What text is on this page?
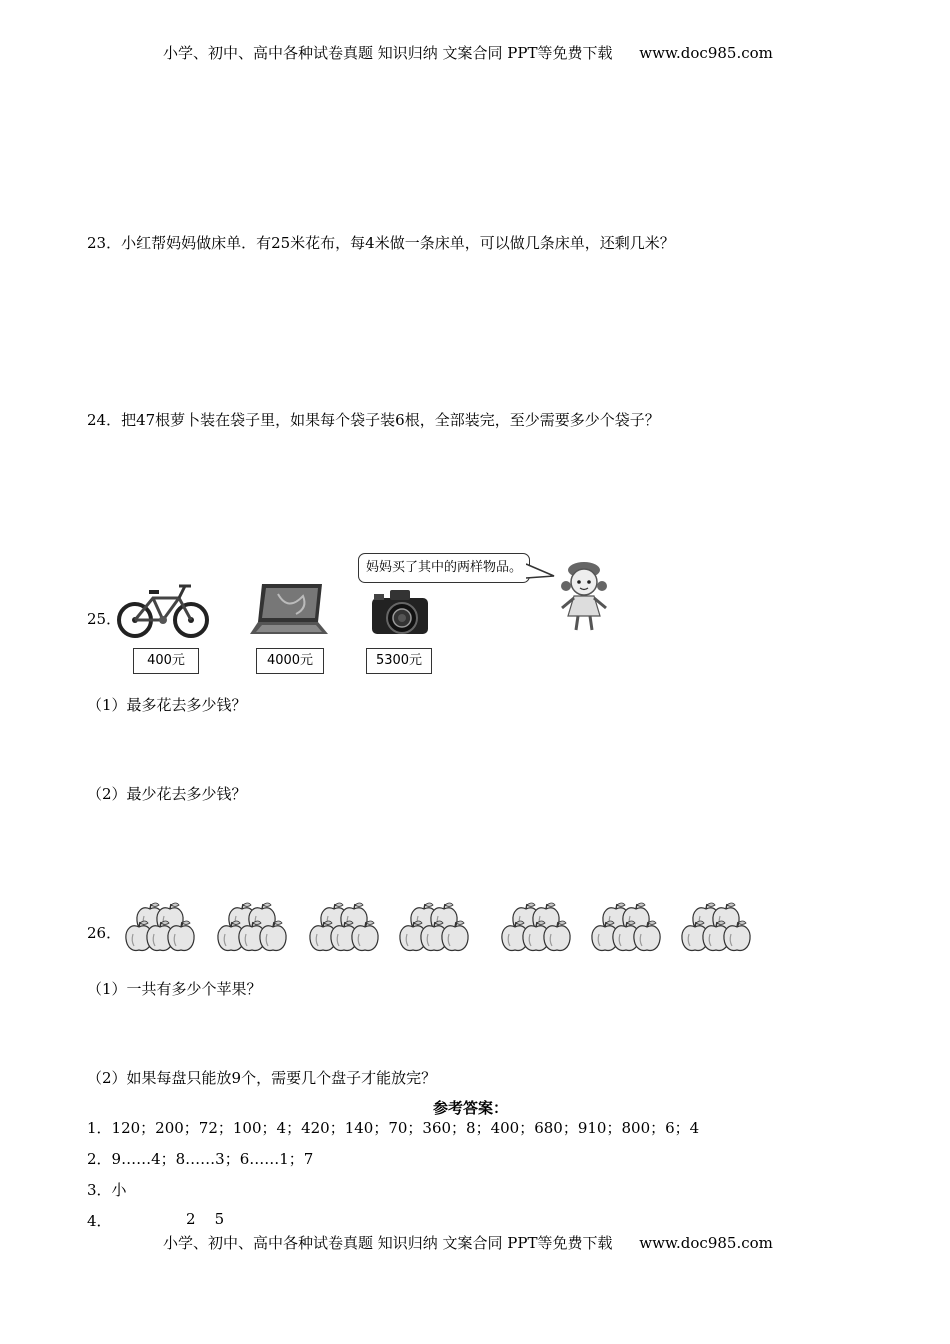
小学、初中、高中各种试卷真题 知识归纳 文案合同 PPT等免费下载 www.doc985.com
23．小红帮妈妈做床单．有25米花布，每4米做一条床单，可以做几条床单，还剩几米？
24．把47根萝卜装在袋子里，如果每个袋子装6根，全部装完，至少需要多少个袋子？
25．
400元	4000元	5300元
妈妈买了其中的两样物品。
（1）最多花去多少钱？
（2）最少花去多少钱？
26．
（1）一共有多少个苹果？
（2）如果每盘只能放9个，需要几个盘子才能放完？
参考答案：
1．120；200；72；100；4；420；140；70；360；8；400；680；910；800；6；4
2．9……4；8……3；6……1；7
3．小
4．	2    5
小学、初中、高中各种试卷真题 知识归纳 文案合同 PPT等免费下载 www.doc985.com
